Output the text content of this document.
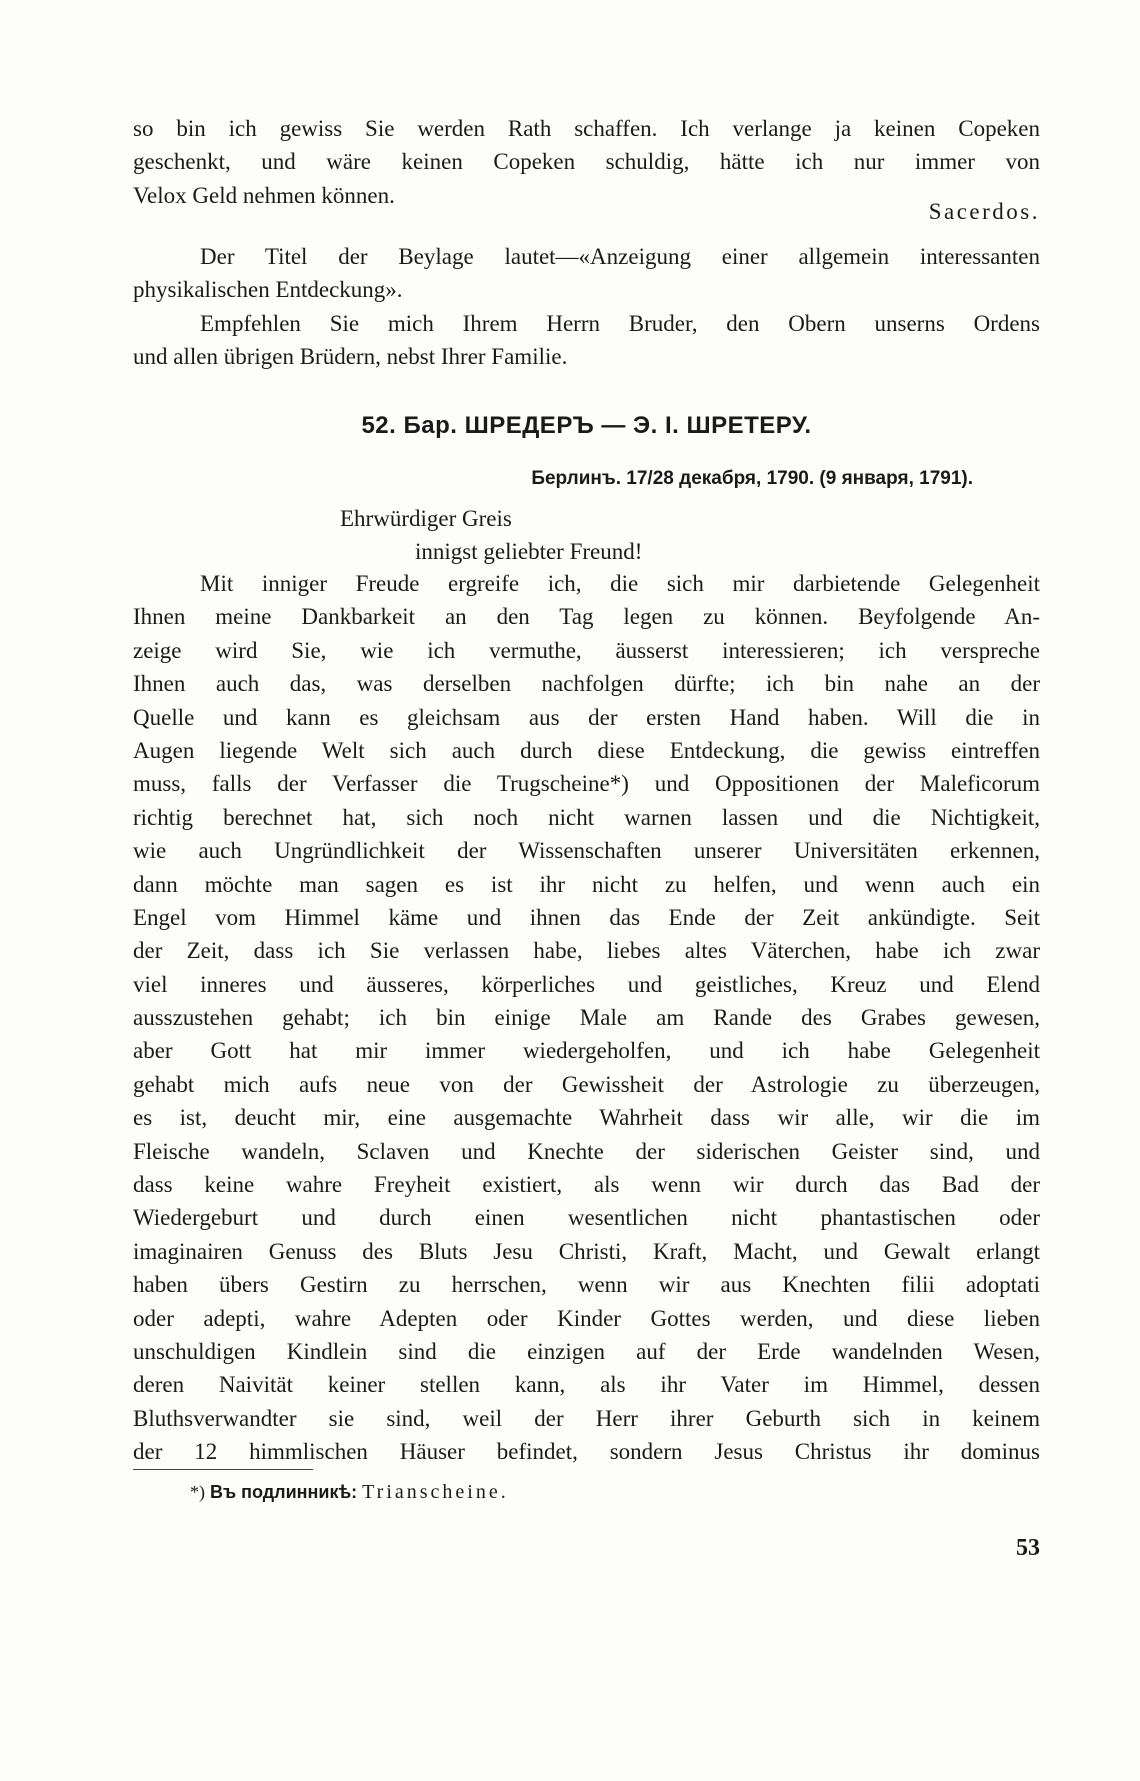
so bin ich gewiss Sie werden Rath schaffen. Ich verlange ja keinen Copeken
geschenkt, und wäre keinen Copeken schuldig, hätte ich nur immer von
Velox Geld nehmen können.
Sacerdos.
Der Titel der Beylage lautet—«Anzeigung einer allgemein interessanten
physikalischen Entdeckung».
Empfehlen Sie mich Ihrem Herrn Bruder, den Obern unserns Ordens
und allen übrigen Brüdern, nebst Ihrer Familie.
52. Бар. ШРЕДЕРЪ — Э. I. ШРЕТЕРУ.
Берлинъ. 17/28 декабря, 1790. (9 января, 1791).
Ehrwürdiger Greis
innigst geliebter Freund!
Mit inniger Freude ergreife ich, die sich mir darbietende Gelegenheit
Ihnen meine Dankbarkeit an den Tag legen zu können. Beyfolgende An-
zeige wird Sie, wie ich vermuthe, äusserst interessieren; ich verspreche
Ihnen auch das, was derselben nachfolgen dürfte; ich bin nahe an der
Quelle und kann es gleichsam aus der ersten Hand haben. Will die in
Augen liegende Welt sich auch durch diese Entdeckung, die gewiss eintreffen
muss, falls der Verfasser die Trugscheine*) und Oppositionen der Maleficorum
richtig berechnet hat, sich noch nicht warnen lassen und die Nichtigkeit,
wie auch Ungründlichkeit der Wissenschaften unserer Universitäten erkennen,
dann möchte man sagen es ist ihr nicht zu helfen, und wenn auch ein
Engel vom Himmel käme und ihnen das Ende der Zeit ankündigte. Seit
der Zeit, dass ich Sie verlassen habe, liebes altes Väterchen, habe ich zwar
viel inneres und äusseres, körperliches und geistliches, Kreuz und Elend
ausszustehen gehabt; ich bin einige Male am Rande des Grabes gewesen,
aber Gott hat mir immer wiedergeholfen, und ich habe Gelegenheit
gehabt mich aufs neue von der Gewissheit der Astrologie zu überzeugen,
es ist, deucht mir, eine ausgemachte Wahrheit dass wir alle, wir die im
Fleische wandeln, Sclaven und Knechte der siderischen Geister sind, und
dass keine wahre Freyheit existiert, als wenn wir durch das Bad der
Wiedergeburt und durch einen wesentlichen nicht phantastischen oder
imaginairen Genuss des Bluts Jesu Christi, Kraft, Macht, und Gewalt erlangt
haben übers Gestirn zu herrschen, wenn wir aus Knechten filii adoptati
oder adepti, wahre Adepten oder Kinder Gottes werden, und diese lieben
unschuldigen Kindlein sind die einzigen auf der Erde wandelnden Wesen,
deren Naivität keiner stellen kann, als ihr Vater im Himmel, dessen
Bluthsverwandter sie sind, weil der Herr ihrer Geburth sich in keinem
der 12 himmlischen Häuser befindet, sondern Jesus Christus ihr dominus
*) Въ подлинникѣ: Trianscheine.
53
